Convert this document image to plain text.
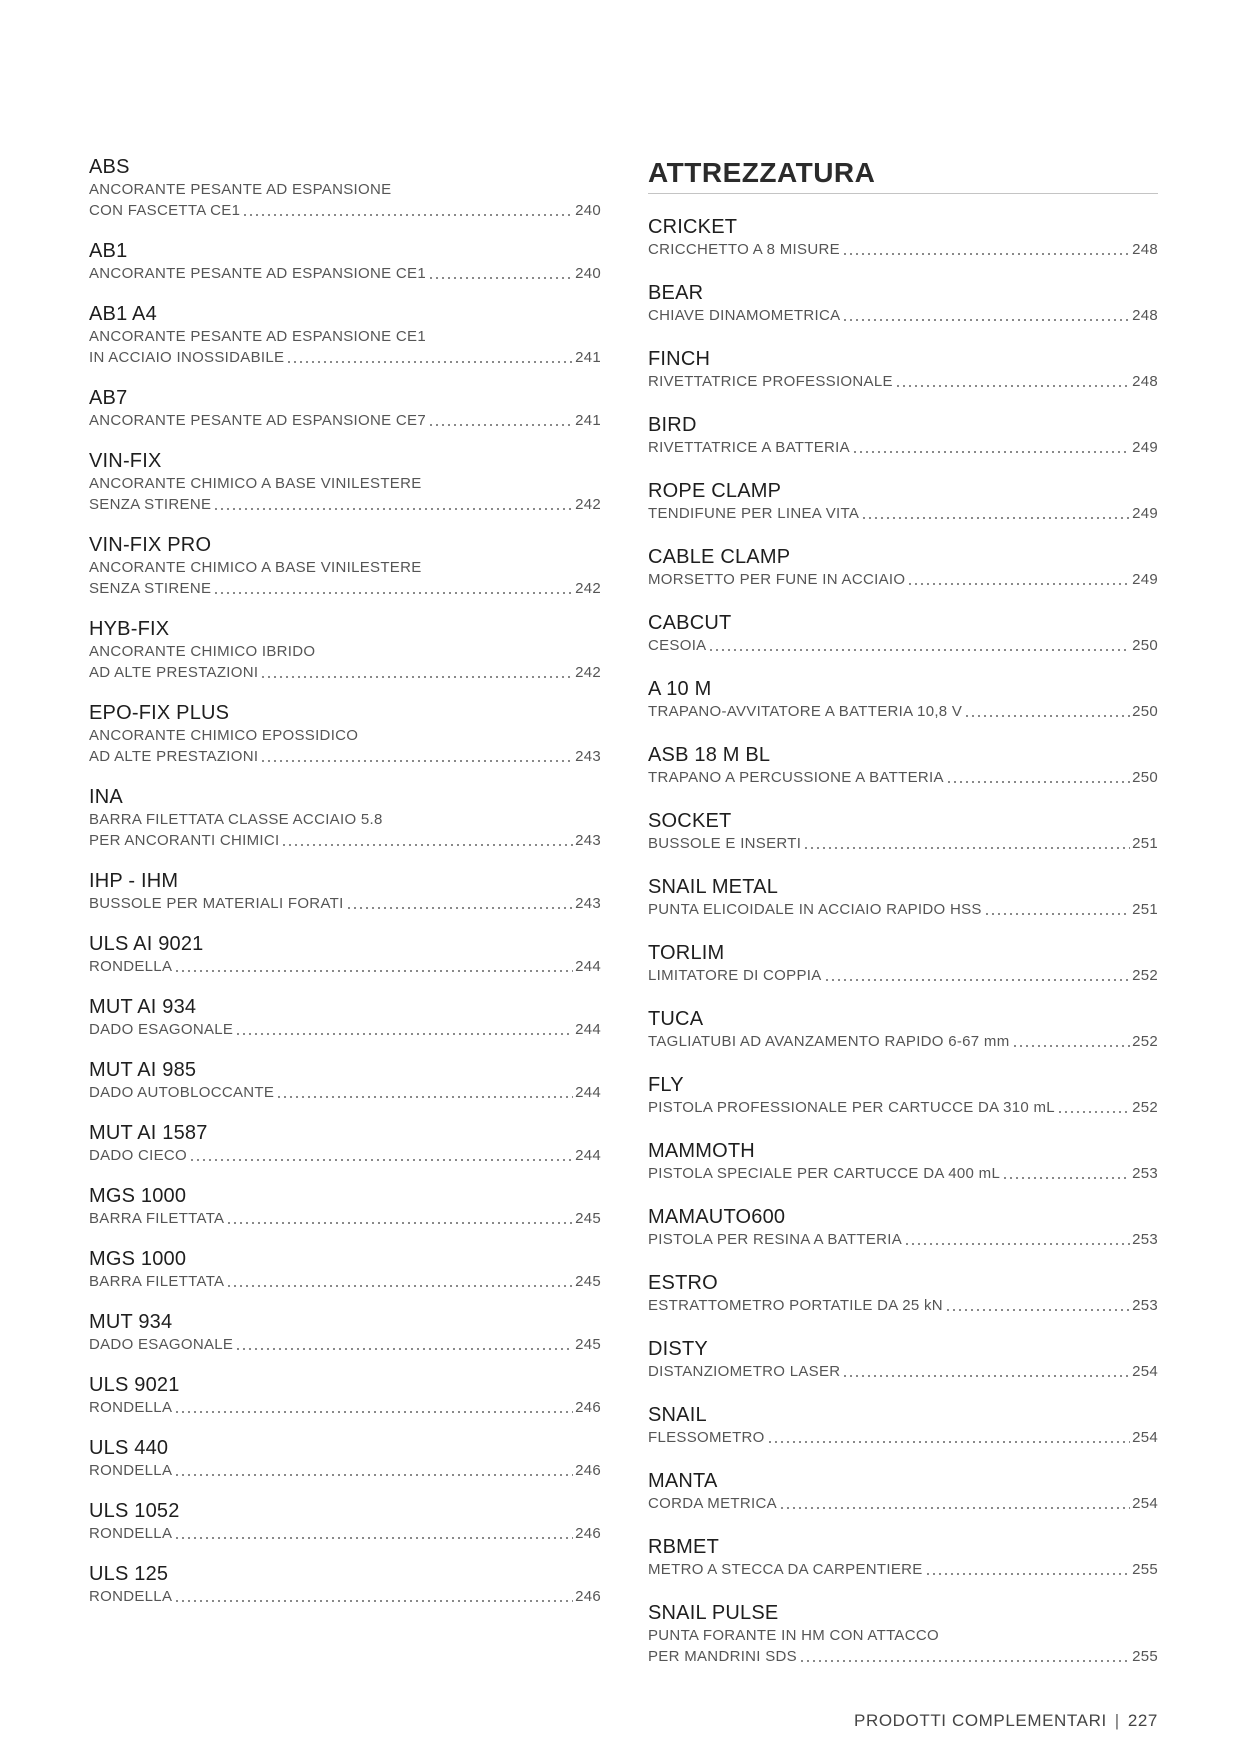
ABS
ANCORANTE PESANTE AD ESPANSIONE
CON FASCETTA CE1	240
AB1
ANCORANTE PESANTE AD ESPANSIONE CE1	240
AB1 A4
ANCORANTE PESANTE AD ESPANSIONE CE1
IN ACCIAIO INOSSIDABILE	241
AB7
ANCORANTE PESANTE AD ESPANSIONE CE7	241
VIN-FIX
ANCORANTE CHIMICO A BASE VINILESTERE
SENZA STIRENE	242
VIN-FIX PRO
ANCORANTE CHIMICO A BASE VINILESTERE
SENZA STIRENE	242
HYB-FIX
ANCORANTE CHIMICO IBRIDO
AD ALTE PRESTAZIONI	242
EPO-FIX PLUS
ANCORANTE CHIMICO EPOSSIDICO
AD ALTE PRESTAZIONI	243
INA
BARRA FILETTATA CLASSE ACCIAIO 5.8
PER ANCORANTI CHIMICI	243
IHP - IHM
BUSSOLE PER MATERIALI FORATI	243
ULS AI 9021
RONDELLA	244
MUT AI 934
DADO ESAGONALE	244
MUT AI 985
DADO AUTOBLOCCANTE	244
MUT AI 1587
DADO CIECO	244
MGS 1000
BARRA FILETTATA	245
MGS 1000
BARRA FILETTATA	245
MUT 934
DADO ESAGONALE	245
ULS 9021
RONDELLA	246
ULS 440
RONDELLA	246
ULS 1052
RONDELLA	246
ULS 125
RONDELLA	246
ATTREZZATURA
CRICKET
CRICCHETTO A 8 MISURE	248
BEAR
CHIAVE DINAMOMETRICA	248
FINCH
RIVETTATRICE PROFESSIONALE	248
BIRD
RIVETTATRICE A BATTERIA	249
ROPE CLAMP
TENDIFUNE PER LINEA VITA	249
CABLE CLAMP
MORSETTO PER FUNE IN ACCIAIO	249
CABCUT
CESOIA	250
A 10 M
TRAPANO-AVVITATORE A BATTERIA 10,8 V	250
ASB 18 M BL
TRAPANO A PERCUSSIONE A BATTERIA	250
SOCKET
BUSSOLE E INSERTI	251
SNAIL METAL
PUNTA ELICOIDALE IN ACCIAIO RAPIDO HSS	251
TORLIM
LIMITATORE DI COPPIA	252
TUCA
TAGLIATUBI AD AVANZAMENTO RAPIDO 6-67 mm	252
FLY
PISTOLA PROFESSIONALE PER CARTUCCE DA 310 mL	252
MAMMOTH
PISTOLA SPECIALE PER CARTUCCE DA 400 mL	253
MAMAUTO600
PISTOLA PER RESINA A BATTERIA	253
ESTRO
ESTRATTOMETRO PORTATILE DA 25 kN	253
DISTY
DISTANZIOMETRO LASER	254
SNAIL
FLESSOMETRO	254
MANTA
CORDA METRICA	254
RBMET
METRO A STECCA DA CARPENTIERE	255
SNAIL PULSE
PUNTA FORANTE IN HM CON ATTACCO
PER MANDRINI SDS	255
PRODOTTI COMPLEMENTARI | 227
